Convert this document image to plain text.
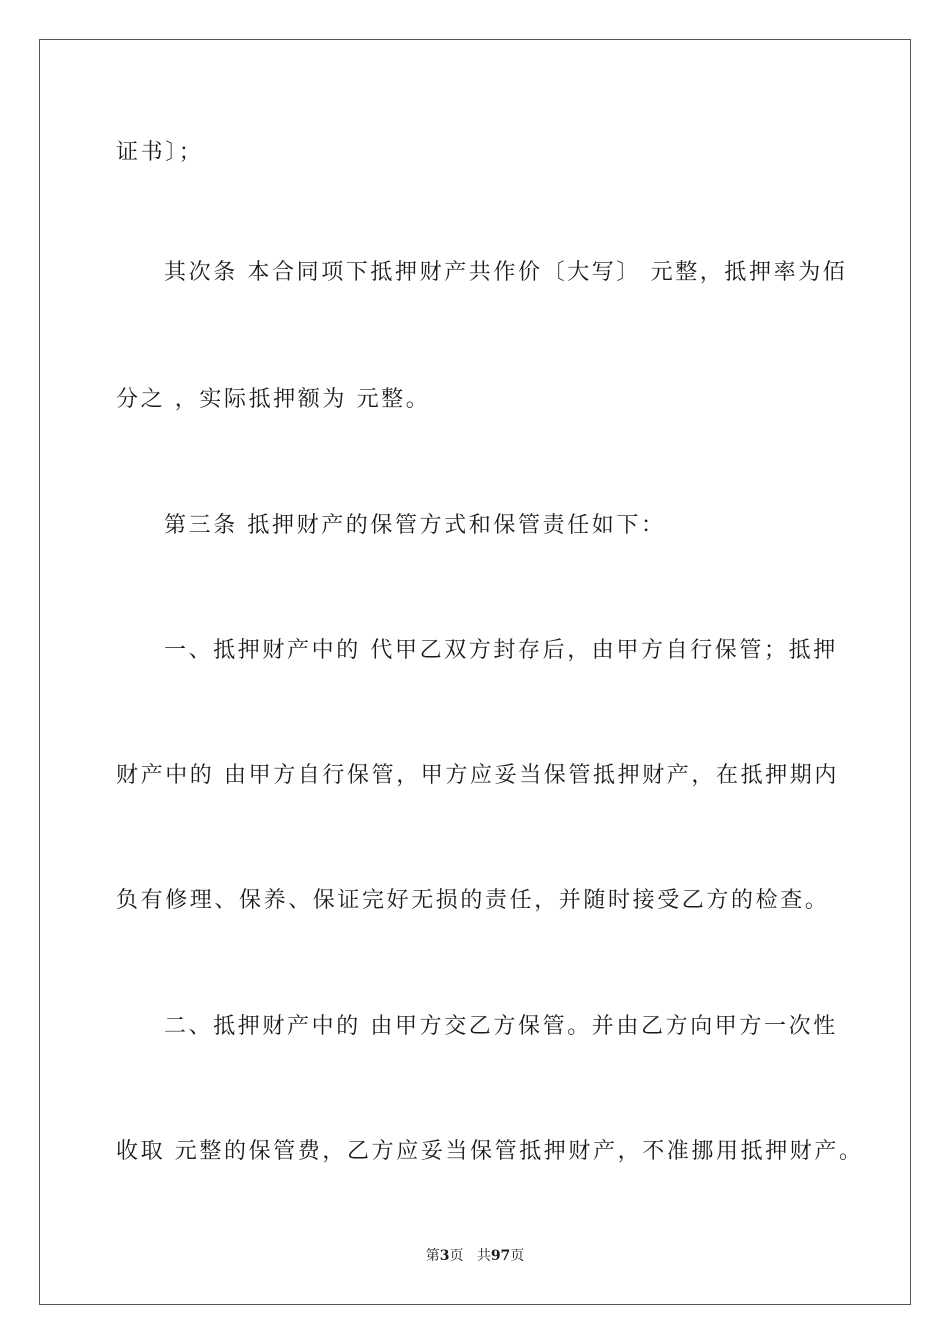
证书〕；
其次条 本合同项下抵押财产共作价〔大写〕 元整，抵押率为佰
分之 ，实际抵押额为 元整。
第三条 抵押财产的保管方式和保管责任如下：
一、抵押财产中的 代甲乙双方封存后，由甲方自行保管；抵押
财产中的 由甲方自行保管，甲方应妥当保管抵押财产，在抵押期内
负有修理、保养、保证完好无损的责任，并随时接受乙方的检查。
二、抵押财产中的 由甲方交乙方保管。并由乙方向甲方一次性
收取 元整的保管费，乙方应妥当保管抵押财产，不准挪用抵押财产。
第3页 共97页
